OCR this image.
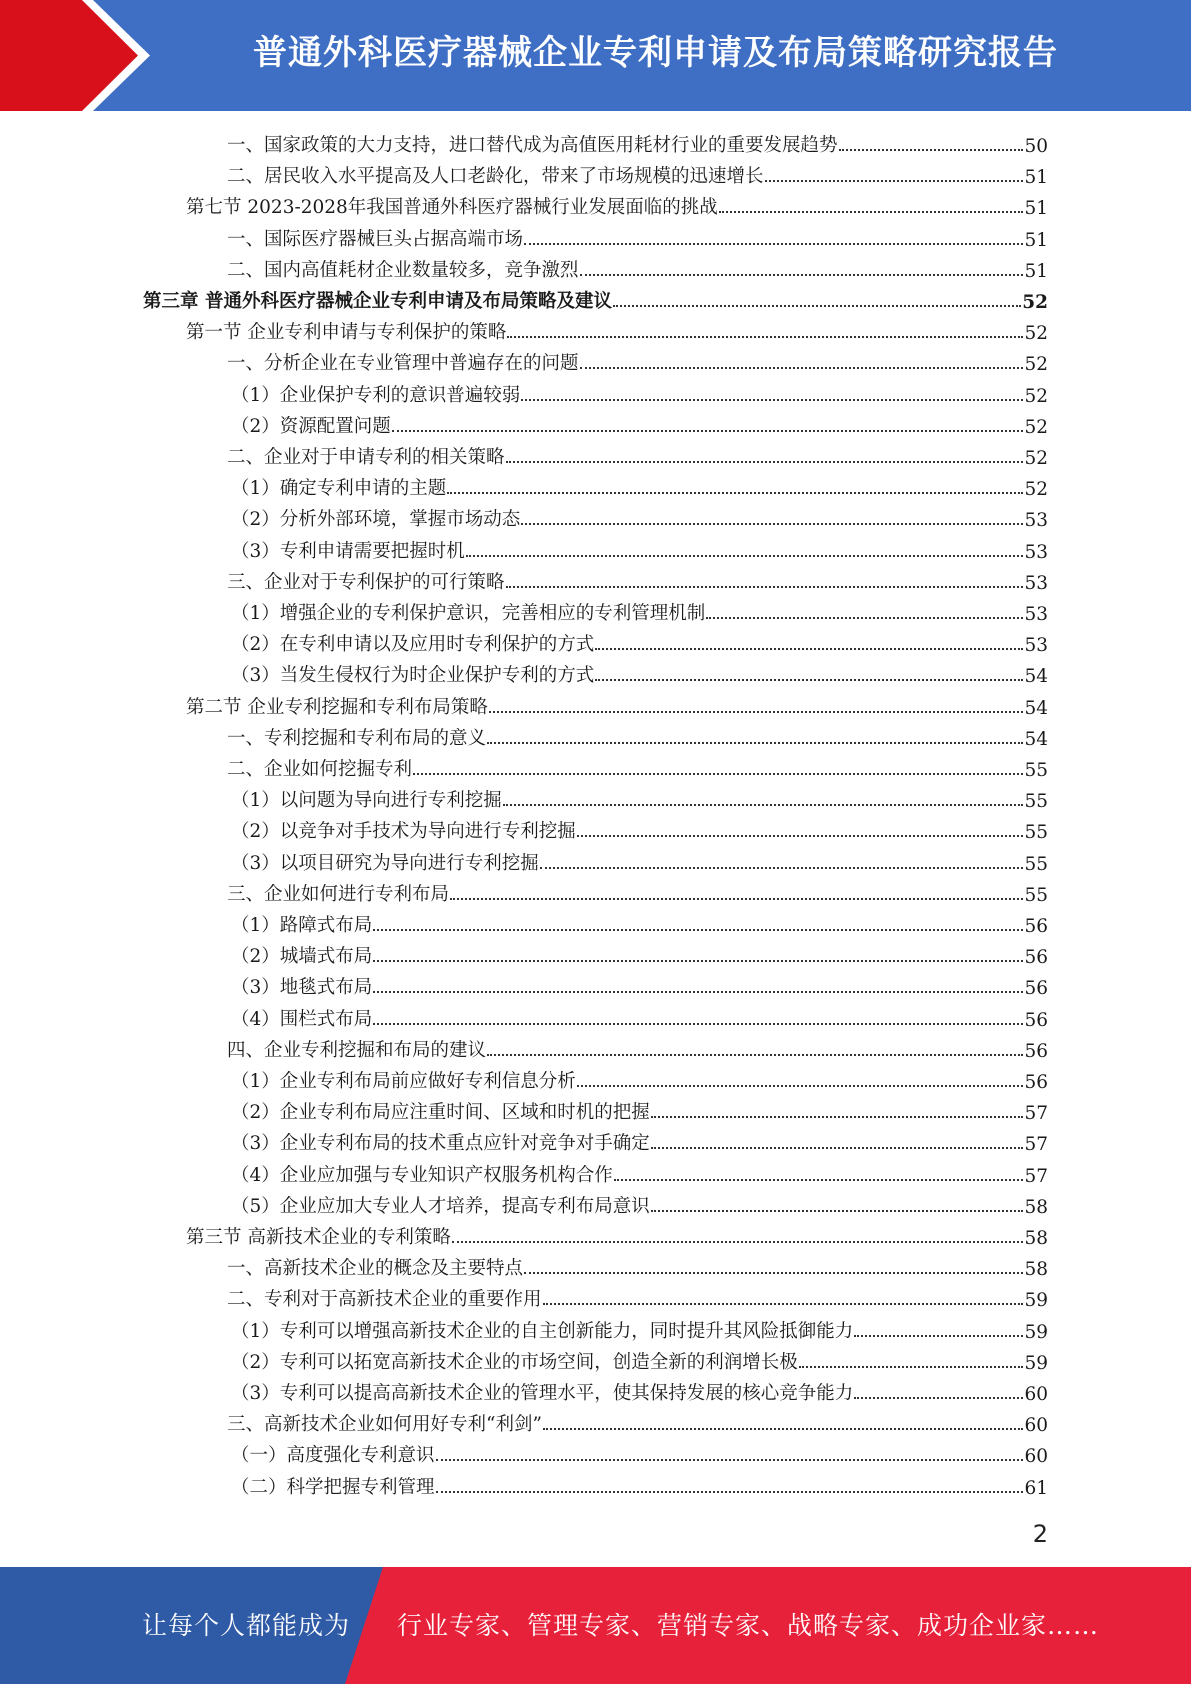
普通外科医疗器械企业专利申请及布局策略研究报告
一、国家政策的大力支持，进口替代成为高值医用耗材行业的重要发展趋势	50
二、居民收入水平提高及人口老龄化，带来了市场规模的迅速增长	51
第七节 2023-2028年我国普通外科医疗器械行业发展面临的挑战	51
一、国际医疗器械巨头占据高端市场	51
二、国内高值耗材企业数量较多，竞争激烈	51
第三章 普通外科医疗器械企业专利申请及布局策略及建议	52
第一节 企业专利申请与专利保护的策略	52
一、分析企业在专业管理中普遍存在的问题	52
（1）企业保护专利的意识普遍较弱	52
（2）资源配置问题	52
二、企业对于申请专利的相关策略	52
（1）确定专利申请的主题	52
（2）分析外部环境，掌握市场动态	53
（3）专利申请需要把握时机	53
三、企业对于专利保护的可行策略	53
（1）增强企业的专利保护意识，完善相应的专利管理机制	53
（2）在专利申请以及应用时专利保护的方式	53
（3）当发生侵权行为时企业保护专利的方式	54
第二节 企业专利挖掘和专利布局策略	54
一、专利挖掘和专利布局的意义	54
二、企业如何挖掘专利	55
（1）以问题为导向进行专利挖掘	55
（2）以竞争对手技术为导向进行专利挖掘	55
（3）以项目研究为导向进行专利挖掘	55
三、企业如何进行专利布局	55
（1）路障式布局	56
（2）城墙式布局	56
（3）地毯式布局	56
（4）围栏式布局	56
四、企业专利挖掘和布局的建议	56
（1）企业专利布局前应做好专利信息分析	56
（2）企业专利布局应注重时间、区域和时机的把握	57
（3）企业专利布局的技术重点应针对竞争对手确定	57
（4）企业应加强与专业知识产权服务机构合作	57
（5）企业应加大专业人才培养，提高专利布局意识	58
第三节 高新技术企业的专利策略	58
一、高新技术企业的概念及主要特点	58
二、专利对于高新技术企业的重要作用	59
（1）专利可以增强高新技术企业的自主创新能力，同时提升其风险抵御能力	59
（2）专利可以拓宽高新技术企业的市场空间，创造全新的利润增长极	59
（3）专利可以提高高新技术企业的管理水平，使其保持发展的核心竞争能力	60
三、高新技术企业如何用好专利“利剑”	60
（一）高度强化专利意识	60
（二）科学把握专利管理	61
2
让每个人都能成为 行业专家、管理专家、营销专家、战略专家、成功企业家……
